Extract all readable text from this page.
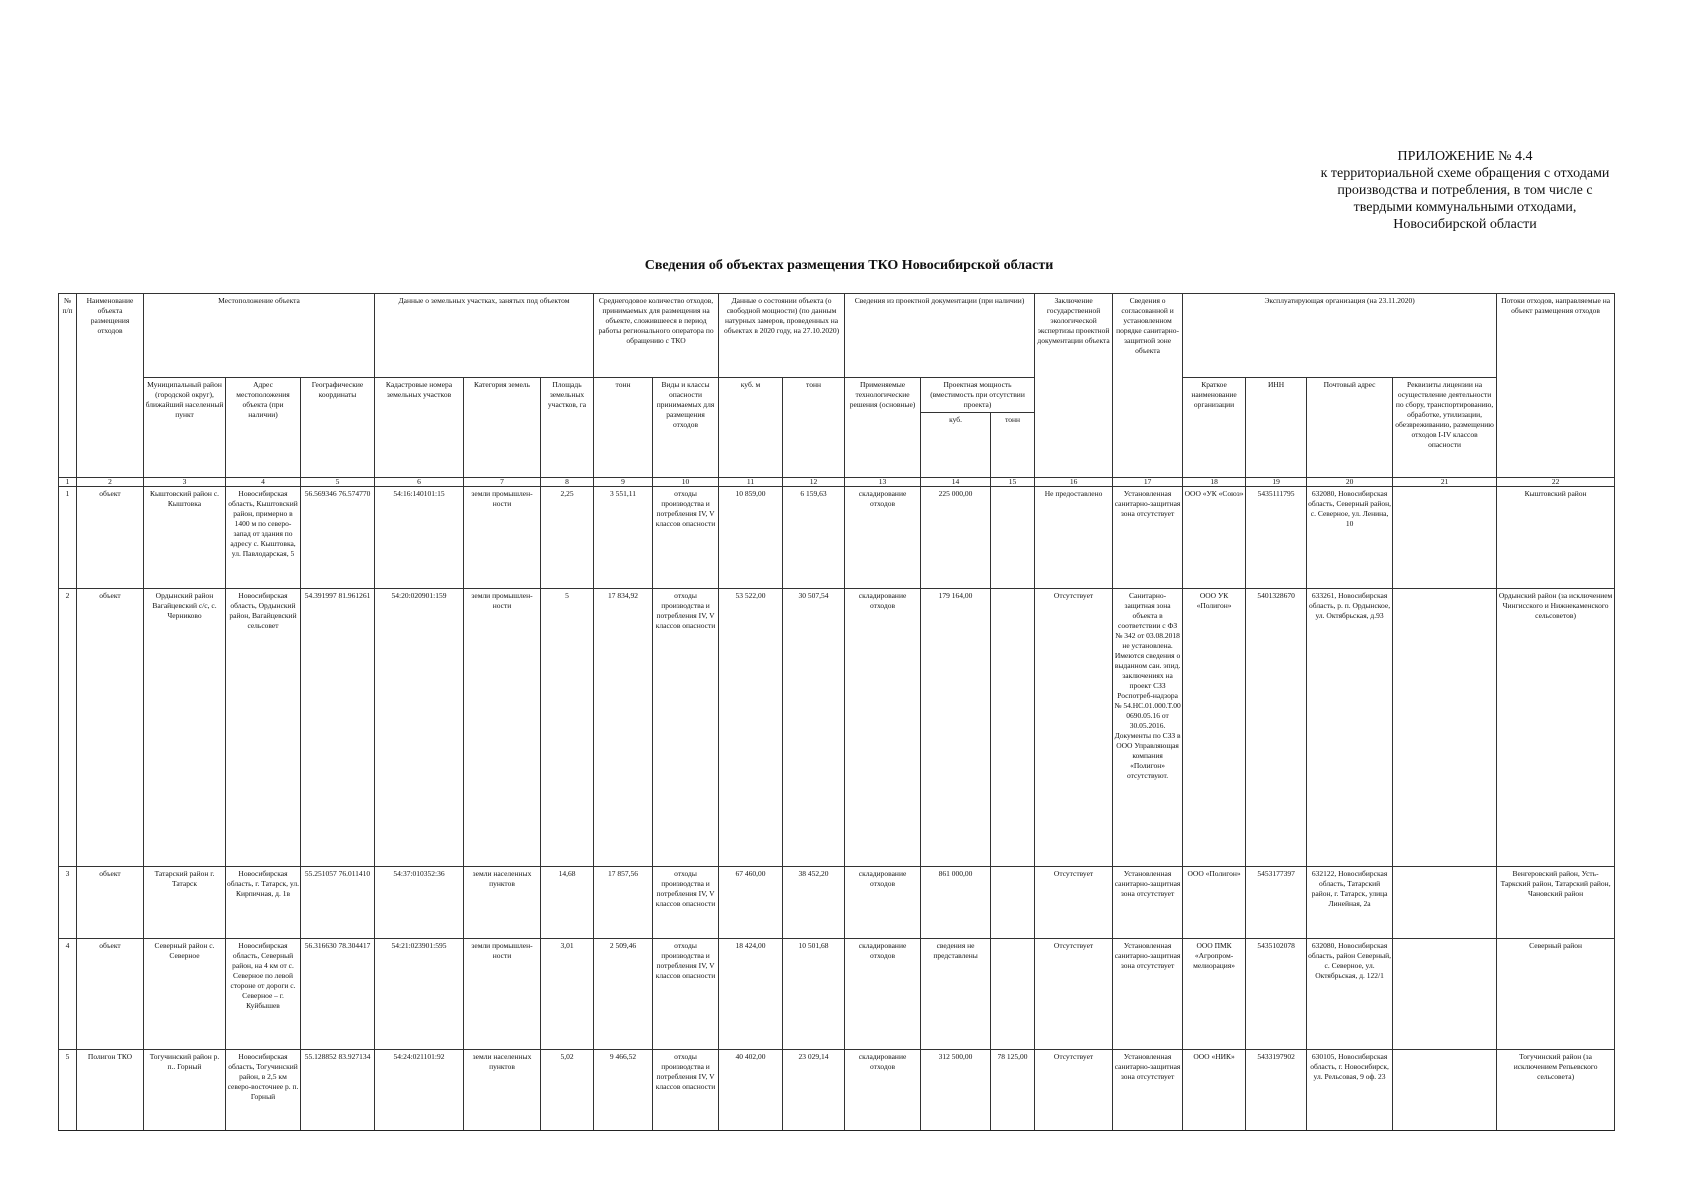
ПРИЛОЖЕНИЕ № 4.4
к территориальной схеме обращения с отходами
производства и потребления, в том числе с
твердыми коммунальными отходами,
Новосибирской области
Сведения об объектах размещения ТКО Новосибирской области
№ п/п	Наименование объекта размещения отходов	Местоположение объекта			Данные о земельных участках, занятых под объектом			Среднегодовое количество отходов, принимаемых для размещения на объекте, сложившееся в период работы регионального оператора по обращению с ТКО		Данные о состоянии объекта (о свободной мощности) (по данным натурных замеров, проведенных на объектах в 2020 году, на 27.10.2020)		Сведения из проектной документации (при наличии)			Заключение государственной экологической экспертизы проектной документации объекта	Сведения о согласованной и установленном порядке санитарно-защитной зоне объекта	Эксплуатирующая организация (на 23.11.2020)				Потоки отходов, направляемые на объект размещения отходов
		Муниципальный район (городской округ), ближайший населенный пункт	Адрес местоположения объекта (при наличии)	Географические координаты	Кадастровые номера земельных участков	Категория земель	Площадь земельных участков, га	тонн	Виды и классы опасности принимаемых для размещения отходов	куб. м	тонн	Применяемые технологические решения (основные)	Проектная мощность (вместимость при отсутствии проекта)				Краткое наименование организации	ИНН	Почтовый адрес	Реквизиты лицензии на осуществление деятельности по сбору, транспортированию, обработке, утилизации, обезвреживанию, размещению отходов I-IV классов опасности	
													куб.	тонн							
1	2	3	4	5	6	7	8	9	10	11	12	13	14	15	16	17	18	19	20	21	22
1	объект	Кыштовский район с. Кыштовка	Новосибирская область, Кыштовский район, примерно в 1400 м по северо-запад от здания по адресу с. Кыштовка, ул. Павлодарская, 5	56.569346 76.574770	54:16:140101:15	земли промышлен-ности	2,25	3 551,11	отходы производства и потребления IV, V классов опасности	10 859,00	6 159,63	складирование отходов	225 000,00		Не предоставлено	Установленная санитарно-защитная зона отсутствует	ООО «УК «Союз»	5435111795	632080, Новосибирская область, Северный район, с. Северное, ул. Ленина, 10		Кыштовский район
2	объект	Ордынский район Вагайцевский с/с, с. Черниково	Новосибирская область, Ордынский район, Вагайцевский сельсовет	54.391997 81.961261	54:20:020901:159	земли промышлен-ности	5	17 834,92	отходы производства и потребления IV, V классов опасности	53 522,00	30 507,54	складирование отходов	179 164,00		Отсутствует	Санитарно-защитная зона объекта в соответствии с ФЗ № 342 от 03.08.2018 не установлена. Имеются сведения о выданном сан. эпид. заключениях на проект СЗЗ Роспотреб-надзора № 54.НС.01.000.Т.00 0690.05.16 от 30.05.2016. Документы по СЗЗ в ООО Управляющая компания «Полигон» отсутствуют.	ООО УК «Полигон»	5401328670	633261, Новосибирская область, р. п. Ордынское, ул. Октябрьская, д.93		Ордынский район (за исключением Чингисского и Нижнекаменского сельсоветов)
3	объект	Татарский район г. Татарск	Новосибирская область, г. Татарск, ул. Кирпичная, д. 1в	55.251057 76.011410	54:37:010352:36	земли населенных пунктов	14,68	17 857,56	отходы производства и потребления IV, V классов опасности	67 460,00	38 452,20	складирование отходов	861 000,00		Отсутствует	Установленная санитарно-защитная зона отсутствует	ООО «Полигон»	5453177397	632122, Новосибирская область, Татарский район, г. Татарск, улица Линейная, 2а		Венгеровский район, Усть-Таркский район, Татарский район, Чановский район
4	объект	Северный район с. Северное	Новосибирская область, Северный район, на 4 км от с. Северное по левой стороне от дороги с. Северное – г. Куйбышев	56.316630 78.304417	54:21:023901:595	земли промышлен-ности	3,01	2 509,46	отходы производства и потребления IV, V классов опасности	18 424,00	10 501,68	складирование отходов	сведения не представлены		Отсутствует	Установленная санитарно-защитная зона отсутствует	ООО ПМК «Агропром-мелиорация»	5435102078	632080, Новосибирская область, район Северный, с. Северное, ул. Октябрьская, д. 122/1		Северный район
5	Полигон ТКО	Тогучинский район р. п.. Горный	Новосибирская область, Тогучинский район, в 2,5 км северо-восточнее р. п. Горный	55.128852 83.927134	54:24:021101:92	земли населенных пунктов	5,02	9 466,52	отходы производства и потребления IV, V классов опасности	40 402,00	23 029,14	складирование отходов	312 500,00	78 125,00	Отсутствует	Установленная санитарно-защитная зона отсутствует	ООО «НИК»	5433197902	630105, Новосибирская область, г. Новосибирск, ул. Рельсовая, 9 оф. 23		Тогучинский район (за исключением Репьевского сельсовета)
